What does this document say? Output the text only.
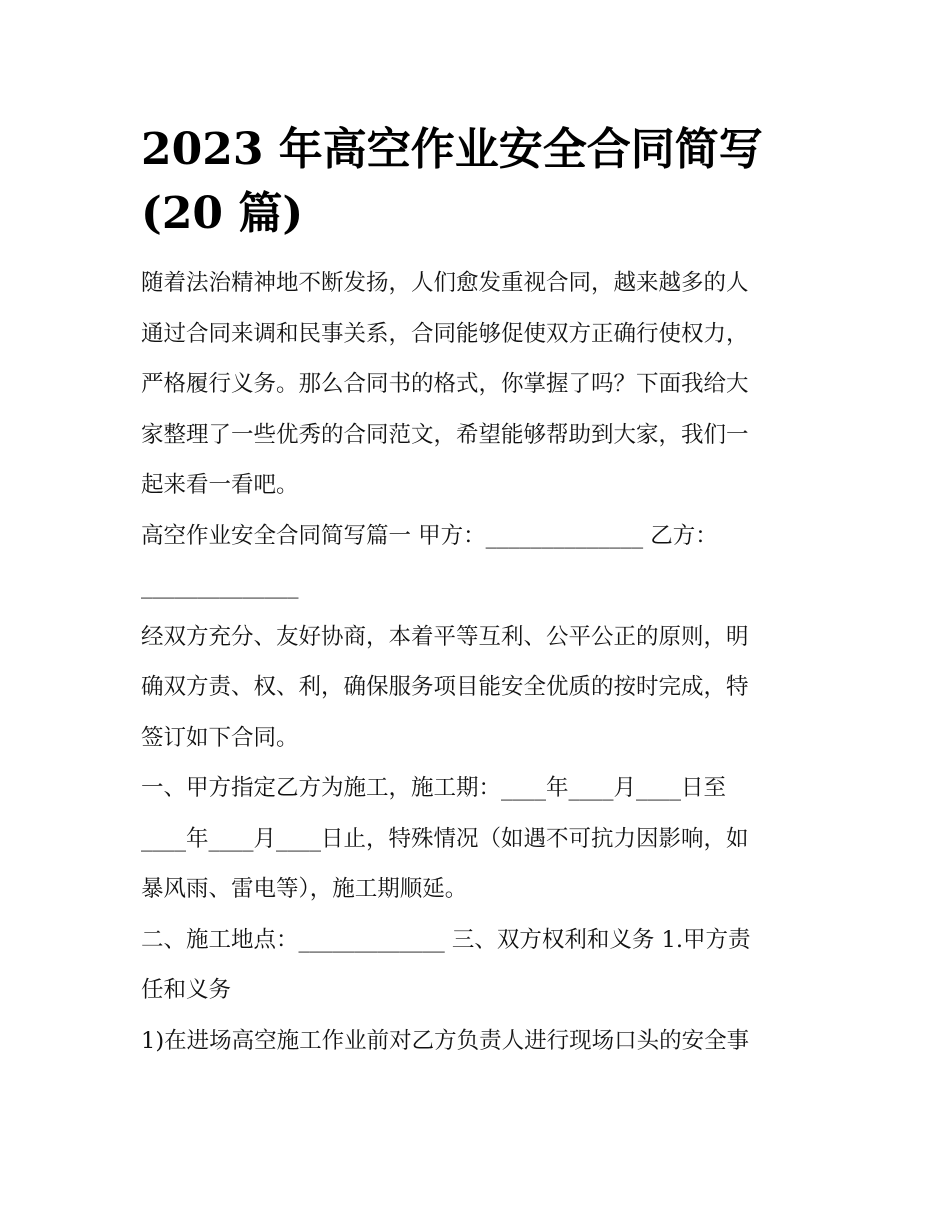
2023 年高空作业安全合同简写
(20 篇)

随着法治精神地不断发扬，人们愈发重视合同，越来越多的人
通过合同来调和民事关系，合同能够促使双方正确行使权力，
严格履行义务。那么合同书的格式，你掌握了吗？下面我给大
家整理了一些优秀的合同范文，希望能够帮助到大家，我们一
起来看一看吧。

高空作业安全合同简写篇一 甲方：______________ 乙方：
______________

经双方充分、友好协商，本着平等互利、公平公正的原则，明
确双方责、权、利，确保服务项目能安全优质的按时完成，特
签订如下合同。

一、甲方指定乙方为施工，施工期：____年____月____日至
____年____月____日止，特殊情况（如遇不可抗力因影响，如
暴风雨、雷电等），施工期顺延。

二、施工地点：_____________ 三、双方权利和义务 1.甲方责
任和义务

1)在进场高空施工作业前对乙方负责人进行现场口头的安全事
